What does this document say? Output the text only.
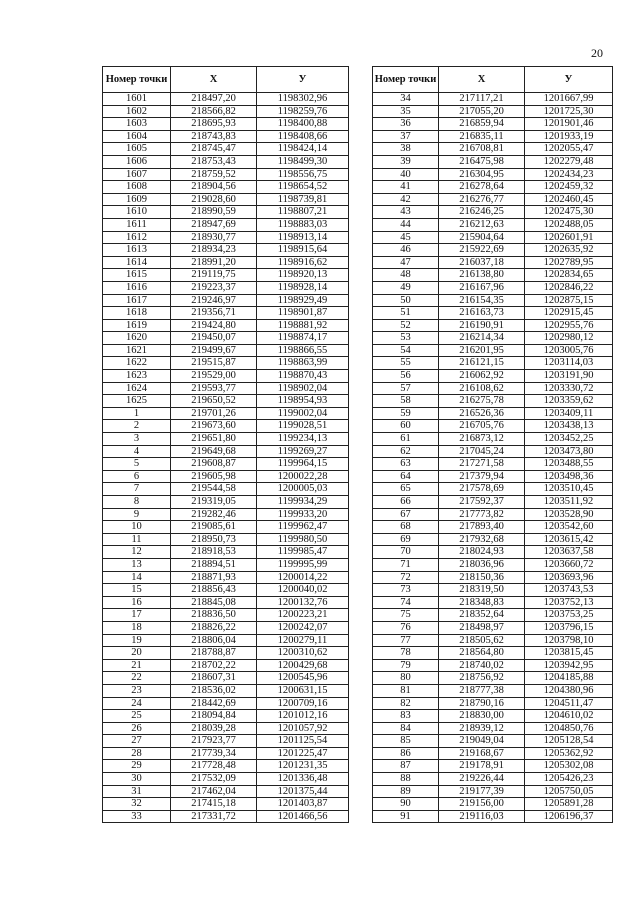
20
Номер точки	X	У
1601	218497,20	1198302,96
1602	218566,82	1198259,76
1603	218695,93	1198400,88
1604	218743,83	1198408,66
1605	218745,47	1198424,14
1606	218753,43	1198499,30
1607	218759,52	1198556,75
1608	218904,56	1198654,52
1609	219028,60	1198739,81
1610	218990,59	1198807,21
1611	218947,69	1198883,03
1612	218930,77	1198913,14
1613	218934,23	1198915,64
1614	218991,20	1198916,62
1615	219119,75	1198920,13
1616	219223,37	1198928,14
1617	219246,97	1198929,49
1618	219356,71	1198901,87
1619	219424,80	1198881,92
1620	219450,07	1198874,17
1621	219499,67	1198866,55
1622	219515,87	1198863,99
1623	219529,00	1198870,43
1624	219593,77	1198902,04
1625	219650,52	1198954,93
1	219701,26	1199002,04
2	219673,60	1199028,51
3	219651,80	1199234,13
4	219649,68	1199269,27
5	219608,87	1199964,15
6	219605,98	1200022,28
7	219544,58	1200005,03
8	219319,05	1199934,29
9	219282,46	1199933,20
10	219085,61	1199962,47
11	218950,73	1199980,50
12	218918,53	1199985,47
13	218894,51	1199995,99
14	218871,93	1200014,22
15	218856,43	1200040,02
16	218845,08	1200132,76
17	218836,50	1200223,21
18	218826,22	1200242,07
19	218806,04	1200279,11
20	218788,87	1200310,62
21	218702,22	1200429,68
22	218607,31	1200545,96
23	218536,02	1200631,15
24	218442,69	1200709,16
25	218094,84	1201012,16
26	218039,28	1201057,92
27	217923,77	1201125,54
28	217739,34	1201225,47
29	217728,48	1201231,35
30	217532,09	1201336,48
31	217462,04	1201375,44
32	217415,18	1201403,87
33	217331,72	1201466,56
Номер точки	X	У
34	217117,21	1201667,99
35	217055,20	1201725,30
36	216859,94	1201901,46
37	216835,11	1201933,19
38	216708,81	1202055,47
39	216475,98	1202279,48
40	216304,95	1202434,23
41	216278,64	1202459,32
42	216276,77	1202460,45
43	216246,25	1202475,30
44	216212,63	1202488,05
45	215904,64	1202601,91
46	215922,69	1202635,92
47	216037,18	1202789,95
48	216138,80	1202834,65
49	216167,96	1202846,22
50	216154,35	1202875,15
51	216163,73	1202915,45
52	216190,91	1202955,76
53	216214,34	1202980,12
54	216201,95	1203005,76
55	216121,15	1203114,03
56	216062,92	1203191,90
57	216108,62	1203330,72
58	216275,78	1203359,62
59	216526,36	1203409,11
60	216705,76	1203438,13
61	216873,12	1203452,25
62	217045,24	1203473,80
63	217271,58	1203488,55
64	217379,94	1203498,36
65	217578,69	1203510,45
66	217592,37	1203511,92
67	217773,82	1203528,90
68	217893,40	1203542,60
69	217932,68	1203615,42
70	218024,93	1203637,58
71	218036,96	1203660,72
72	218150,36	1203693,96
73	218319,50	1203743,53
74	218348,83	1203752,13
75	218352,64	1203753,25
76	218498,97	1203796,15
77	218505,62	1203798,10
78	218564,80	1203815,45
79	218740,02	1203942,95
80	218756,92	1204185,88
81	218777,38	1204380,96
82	218790,16	1204511,47
83	218830,00	1204610,02
84	218939,12	1204850,76
85	219049,04	1205128,54
86	219168,67	1205362,92
87	219178,91	1205302,08
88	219226,44	1205426,23
89	219177,39	1205750,05
90	219156,00	1205891,28
91	219116,03	1206196,37
